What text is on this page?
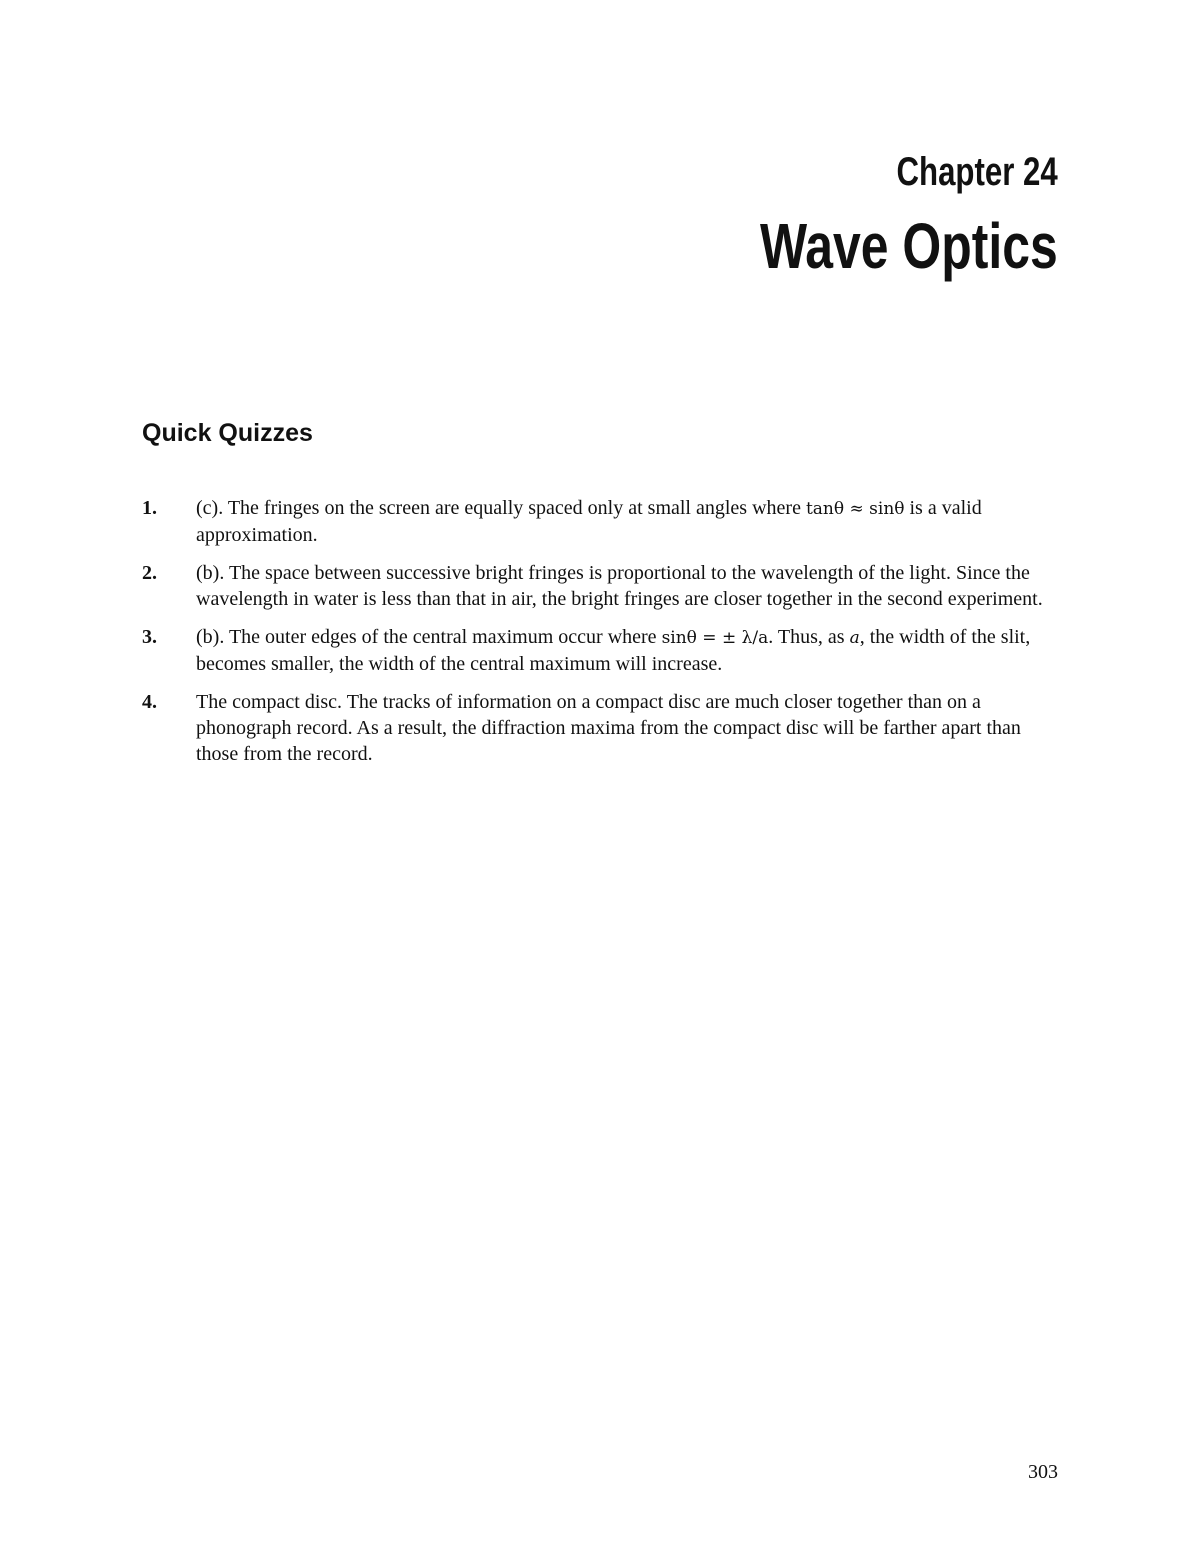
Chapter 24
Wave Optics
Quick Quizzes
1.	(c). The fringes on the screen are equally spaced only at small angles where tanθ ≈ sinθ is a valid approximation.
2.	(b). The space between successive bright fringes is proportional to the wavelength of the light. Since the wavelength in water is less than that in air, the bright fringes are closer together in the second experiment.
3.	(b). The outer edges of the central maximum occur where sinθ = ± λ/a. Thus, as a, the width of the slit, becomes smaller, the width of the central maximum will increase.
4.	The compact disc. The tracks of information on a compact disc are much closer together than on a phonograph record. As a result, the diffraction maxima from the compact disc will be farther apart than those from the record.
303
